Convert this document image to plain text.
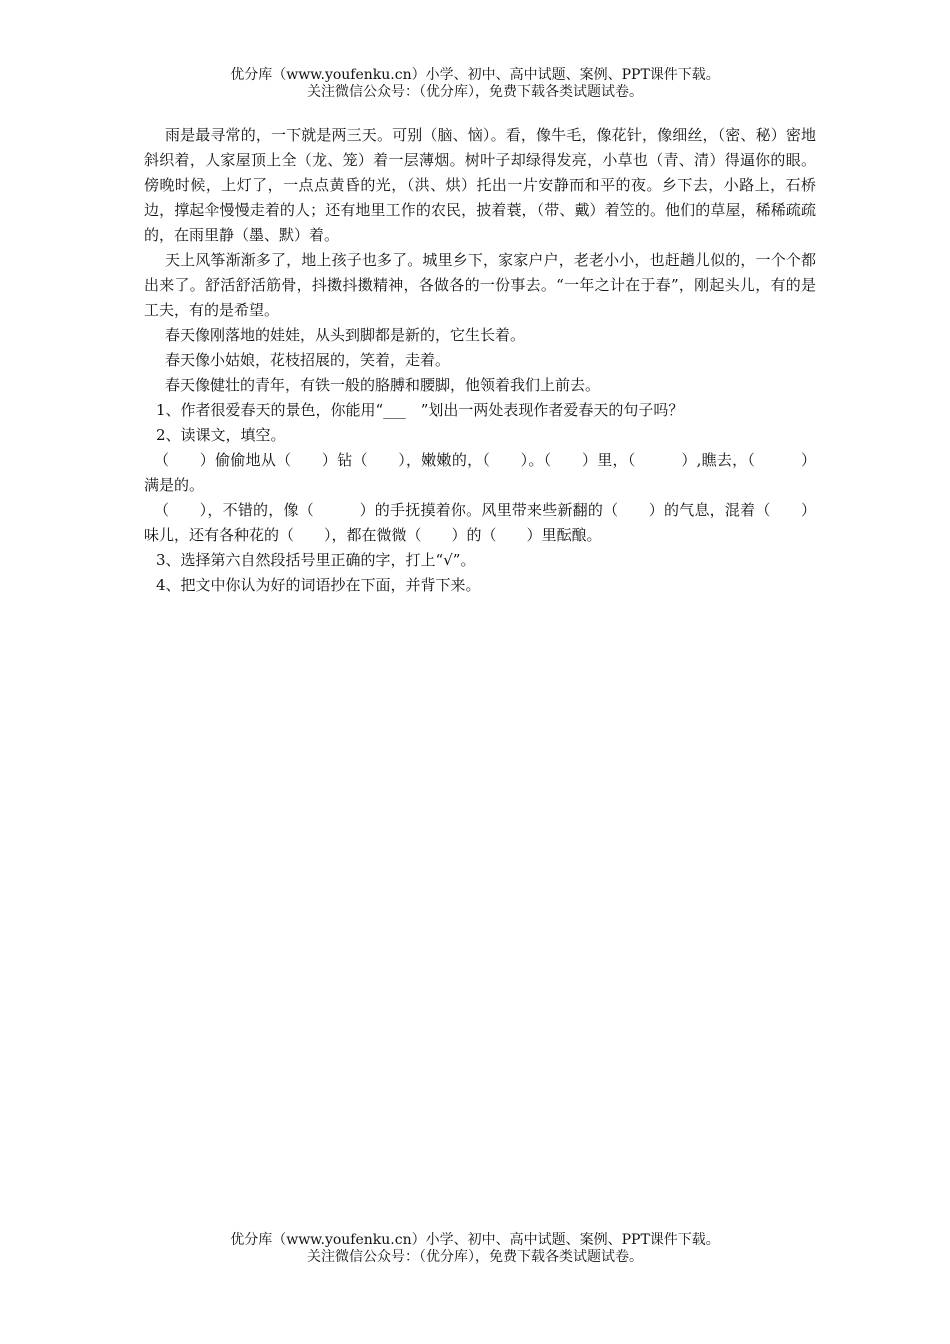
优分库（www.youfenku.cn）小学、初中、高中试题、案例、PPT课件下载。
关注微信公众号：（优分库），免费下载各类试题试卷。

雨是最寻常的，一下就是两三天。可别（脑、恼）。看，像牛毛，像花针，像细丝，（密、秘）密地斜织着，人家屋顶上全（龙、笼）着一层薄烟。树叶子却绿得发亮，小草也（青、清）得逼你的眼。傍晚时候，上灯了，一点点黄昏的光，（洪、烘）托出一片安静而和平的夜。乡下去，小路上，石桥边，撑起伞慢慢走着的人；还有地里工作的农民，披着蓑，（带、戴）着笠的。他们的草屋，稀稀疏疏的，在雨里静（墨、默）着。

天上风筝渐渐多了，地上孩子也多了。城里乡下，家家户户，老老小小，也赶趟儿似的，一个个都出来了。舒活舒活筋骨，抖擞抖擞精神，各做各的一份事去。“一年之计在于春”，刚起头儿，有的是工夫，有的是希望。

春天像刚落地的娃娃，从头到脚都是新的，它生长着。

春天像小姑娘，花枝招展的，笑着，走着。

春天像健壮的青年，有铁一般的胳膊和腰脚，他领着我们上前去。

1、作者很爱春天的景色，你能用“___　”划出一两处表现作者爱春天的句子吗？

2、读课文，填空。

（　　）偷偷地从（　　）钻（　　），嫩嫩的，（　　）。（　　）里，（　　　）,瞧去，（　　　）满是的。

（　　），不错的，像（　　　）的手抚摸着你。风里带来些新翻的（　　）的气息，混着（　　）味儿，还有各种花的（　　），都在微微（　　）的（　　）里酝酿。

3、选择第六自然段括号里正确的字，打上“√”。

4、把文中你认为好的词语抄在下面，并背下来。

优分库（www.youfenku.cn）小学、初中、高中试题、案例、PPT课件下载。
关注微信公众号：（优分库），免费下载各类试题试卷。
